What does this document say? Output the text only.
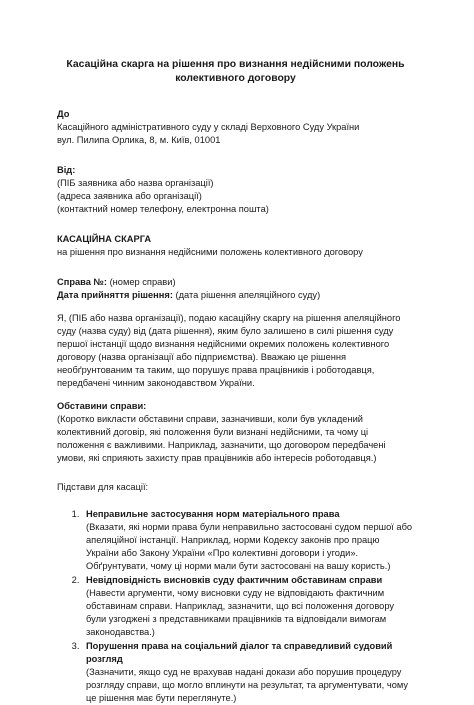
Касаційна скарга на рішення про визнання недійсними положень колективного договору

До

Касаційного адміністративного суду у складі Верховного Суду України

вул. Пилипа Орлика, 8, м. Київ, 01001

Від:

(ПІБ заявника або назва організації)

(адреса заявника або організації)

(контактний номер телефону, електронна пошта)

КАСАЦІЙНА СКАРГА

на рішення про визнання недійсними положень колективного договору

Справа №: (номер справи)

Дата прийняття рішення: (дата рішення апеляційного суду)

Я, (ПІБ або назва організації), подаю касаційну скаргу на рішення апеляційного суду (назва суду) від (дата рішення), яким було залишено в силі рішення суду першої інстанції щодо визнання недійсними окремих положень колективного договору (назва організації або підприємства). Вважаю це рішення необґрунтованим та таким, що порушує права працівників і роботодавця, передбачені чинним законодавством України.

Обставини справи:

(Коротко викласти обставини справи, зазначивши, коли був укладений колективний договір, які положення були визнані недійсними, та чому ці положення є важливими. Наприклад, зазначити, що договором передбачені умови, які сприяють захисту прав працівників або інтересів роботодавця.)

Підстави для касації:

1. Неправильне застосування норм матеріального права
(Вказати, які норми права були неправильно застосовані судом першої або апеляційної інстанції. Наприклад, норми Кодексу законів про працю України або Закону України «Про колективні договори і угоди». Обґрунтувати, чому ці норми мали бути застосовані на вашу користь.)
2. Невідповідність висновків суду фактичним обставинам справи
(Навести аргументи, чому висновки суду не відповідають фактичним обставинам справи. Наприклад, зазначити, що всі положення договору були узгоджені з представниками працівників та відповідали вимогам законодавства.)
3. Порушення права на соціальний діалог та справедливий судовий розгляд
(Зазначити, якщо суд не врахував надані докази або порушив процедуру розгляду справи, що могло вплинути на результат, та аргументувати, чому це рішення має бути переглянуте.)
